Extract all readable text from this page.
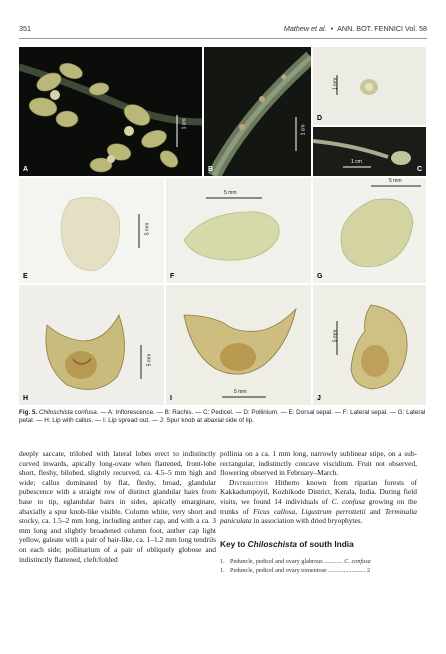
351	Mathew et al. • ANN. BOT. FENNICI Vol. 58
A
1 cm
B
1 cm
D
1 mm
C
1 cm
E
5 mm
F
5 mm
G
5 mm
H
5 mm
I
5 mm
J
5 mm
Fig. 5. Chiloschista confusa. — A: Inflorescence. — B: Rachis. — C: Pedicel. — D: Pollinium. — E: Dorsal sepal. — F: Lateral sepal. — G: Lateral petal. — H: Lip with callus. — I: Lip spread out. — J: Spur knob at abaxial side of lip.

deeply saccate, trilobed with lateral lobes erect to indistinctly curved inwards, apically long-ovate when flattened, front-lobe short, fleshy, bilobed, slightly recurved, ca. 4.5–5 mm high and wide; callus dominated by flat, fleshy, broad, glandular pubescence with a straight row of distinct glandular hairs from base to tip, eglandular hairs in sides, apically emarginate, abaxially a spur knob-like visible. Column white, very short and stocky, ca. 1.5–2 mm long, including anther cap, and with a ca. 3 mm long and slightly broadened column foot, anther cap light yellow, galeate with a pair of hair-like, ca. 1–1.2 mm long tendrils on each side; pollinarium of a pair of obliquely globose and indistinctly flattened, cleft/folded

pollinia on a ca. 1 mm long, narrowly sublinear stipe, on a sub-rectangular, indistinctly concave viscidium. Fruit not observed, flowering observed in February–March.

Distribution Hitherto known from riparian forests of Kakkadumpoyil, Kozhikode District, Kerala, India. During field visits, we found 14 individuals of C. confusa growing on the trunks of Ficus callosa, Ligustrum perrottetii and Terminalia paniculata in association with dried bryophytes.

Key to Chiloschista of south India

1. Peduncle, pedicel and ovary glabrous ............ C. confusa
1. Peduncle, pedicel and ovary tomentose ........................ 2
